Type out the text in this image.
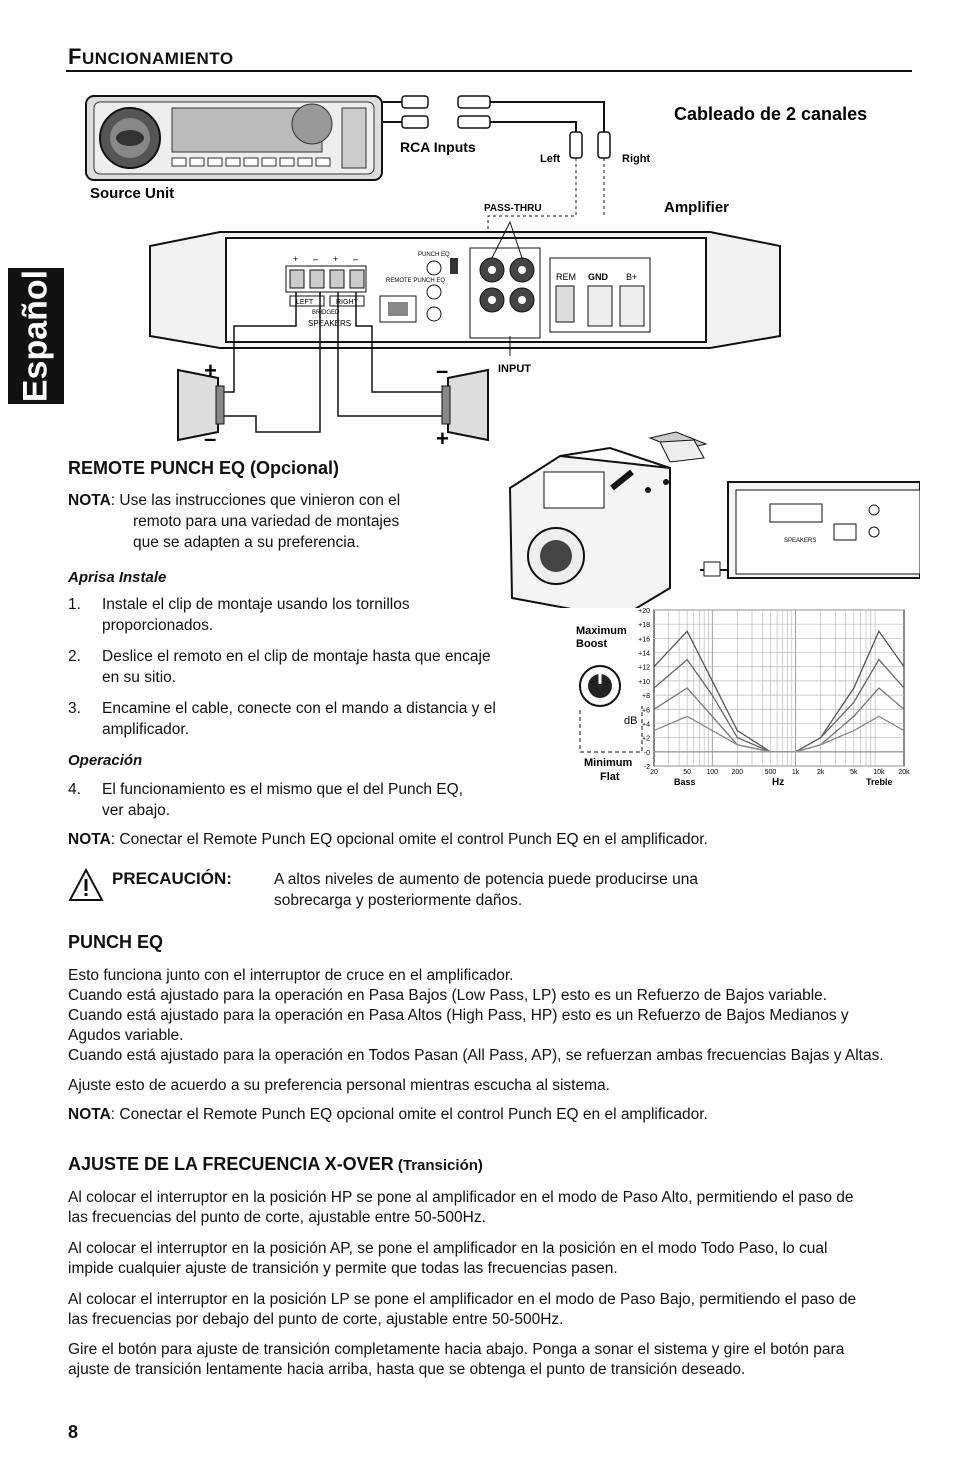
FUNCIONAMIENTO
Español
Source Unit
RCA Inputs
Left	Right
Cableado de 2 canales
Amplifier
PASS-THRU
+ – + –
LEFT	RIGHT
BRIDGED
SPEAKERS
REMOTE PUNCH EQ
PUNCH EQ
INPUT
REM GND B+
+
–
–
+
REMOTE PUNCH EQ (Opcional)
NOTA: Use las instrucciones que vinieron con el
remoto para una variedad de montajes
que se adapten a su preferencia.
Aprisa Instale
1. Instale el clip de montaje usando los tornillos
proporcionados.
2. Deslice el remoto en el clip de montaje hasta que encaje
en su sitio.
3. Encamine el cable, conecte con el mando a distancia y el
amplificador.
Operación
4. El funcionamiento es el mismo que el del Punch EQ,
ver abajo.
NOTA: Conectar el Remote Punch EQ opcional omite el control Punch EQ en el amplificador.
PRECAUCIÓN:	A altos niveles de aumento de potencia puede producirse una
sobrecarga y posteriormente daños.
SPEAKERS
Maximum
Boost
dB
Minimum
Flat
+20
+18
+16
+14
+12
+10
+8
+6
+4
+2
-0
-2
20	50 100 200	500 1k	2k	5k 10k 20k
Bass	Hz	Treble
PUNCH EQ
Esto funciona junto con el interruptor de cruce en el amplificador.
Cuando está ajustado para la operación en Pasa Bajos (Low Pass, LP) esto es un Refuerzo de Bajos variable.
Cuando está ajustado para la operación en Pasa Altos (High Pass, HP) esto es un Refuerzo de Bajos Medianos y
Agudos variable.
Cuando está ajustado para la operación en Todos Pasan (All Pass, AP), se refuerzan ambas frecuencias Bajas y Altas.
Ajuste esto de acuerdo a su preferencia personal mientras escucha al sistema.
NOTA: Conectar el Remote Punch EQ opcional omite el control Punch EQ en el amplificador.
AJUSTE DE LA FRECUENCIA X-OVER (Transición)
Al colocar el interruptor en la posición HP se pone al amplificador en el modo de Paso Alto, permitiendo el paso de
las frecuencias del punto de corte, ajustable entre 50-500Hz.
Al colocar el interruptor en la posición AP, se pone el amplificador en la posición en el modo Todo Paso, lo cual
impide cualquier ajuste de transición y permite que todas las frecuencias pasen.
Al colocar el interruptor en la posición LP se pone el amplificador en el modo de Paso Bajo, permitiendo el paso de
las frecuencias por debajo del punto de corte, ajustable entre 50-500Hz.
Gire el botón para ajuste de transición completamente hacia abajo. Ponga a sonar el sistema y gire el botón para
ajuste de transición lentamente hacia arriba, hasta que se obtenga el punto de transición deseado.
8
